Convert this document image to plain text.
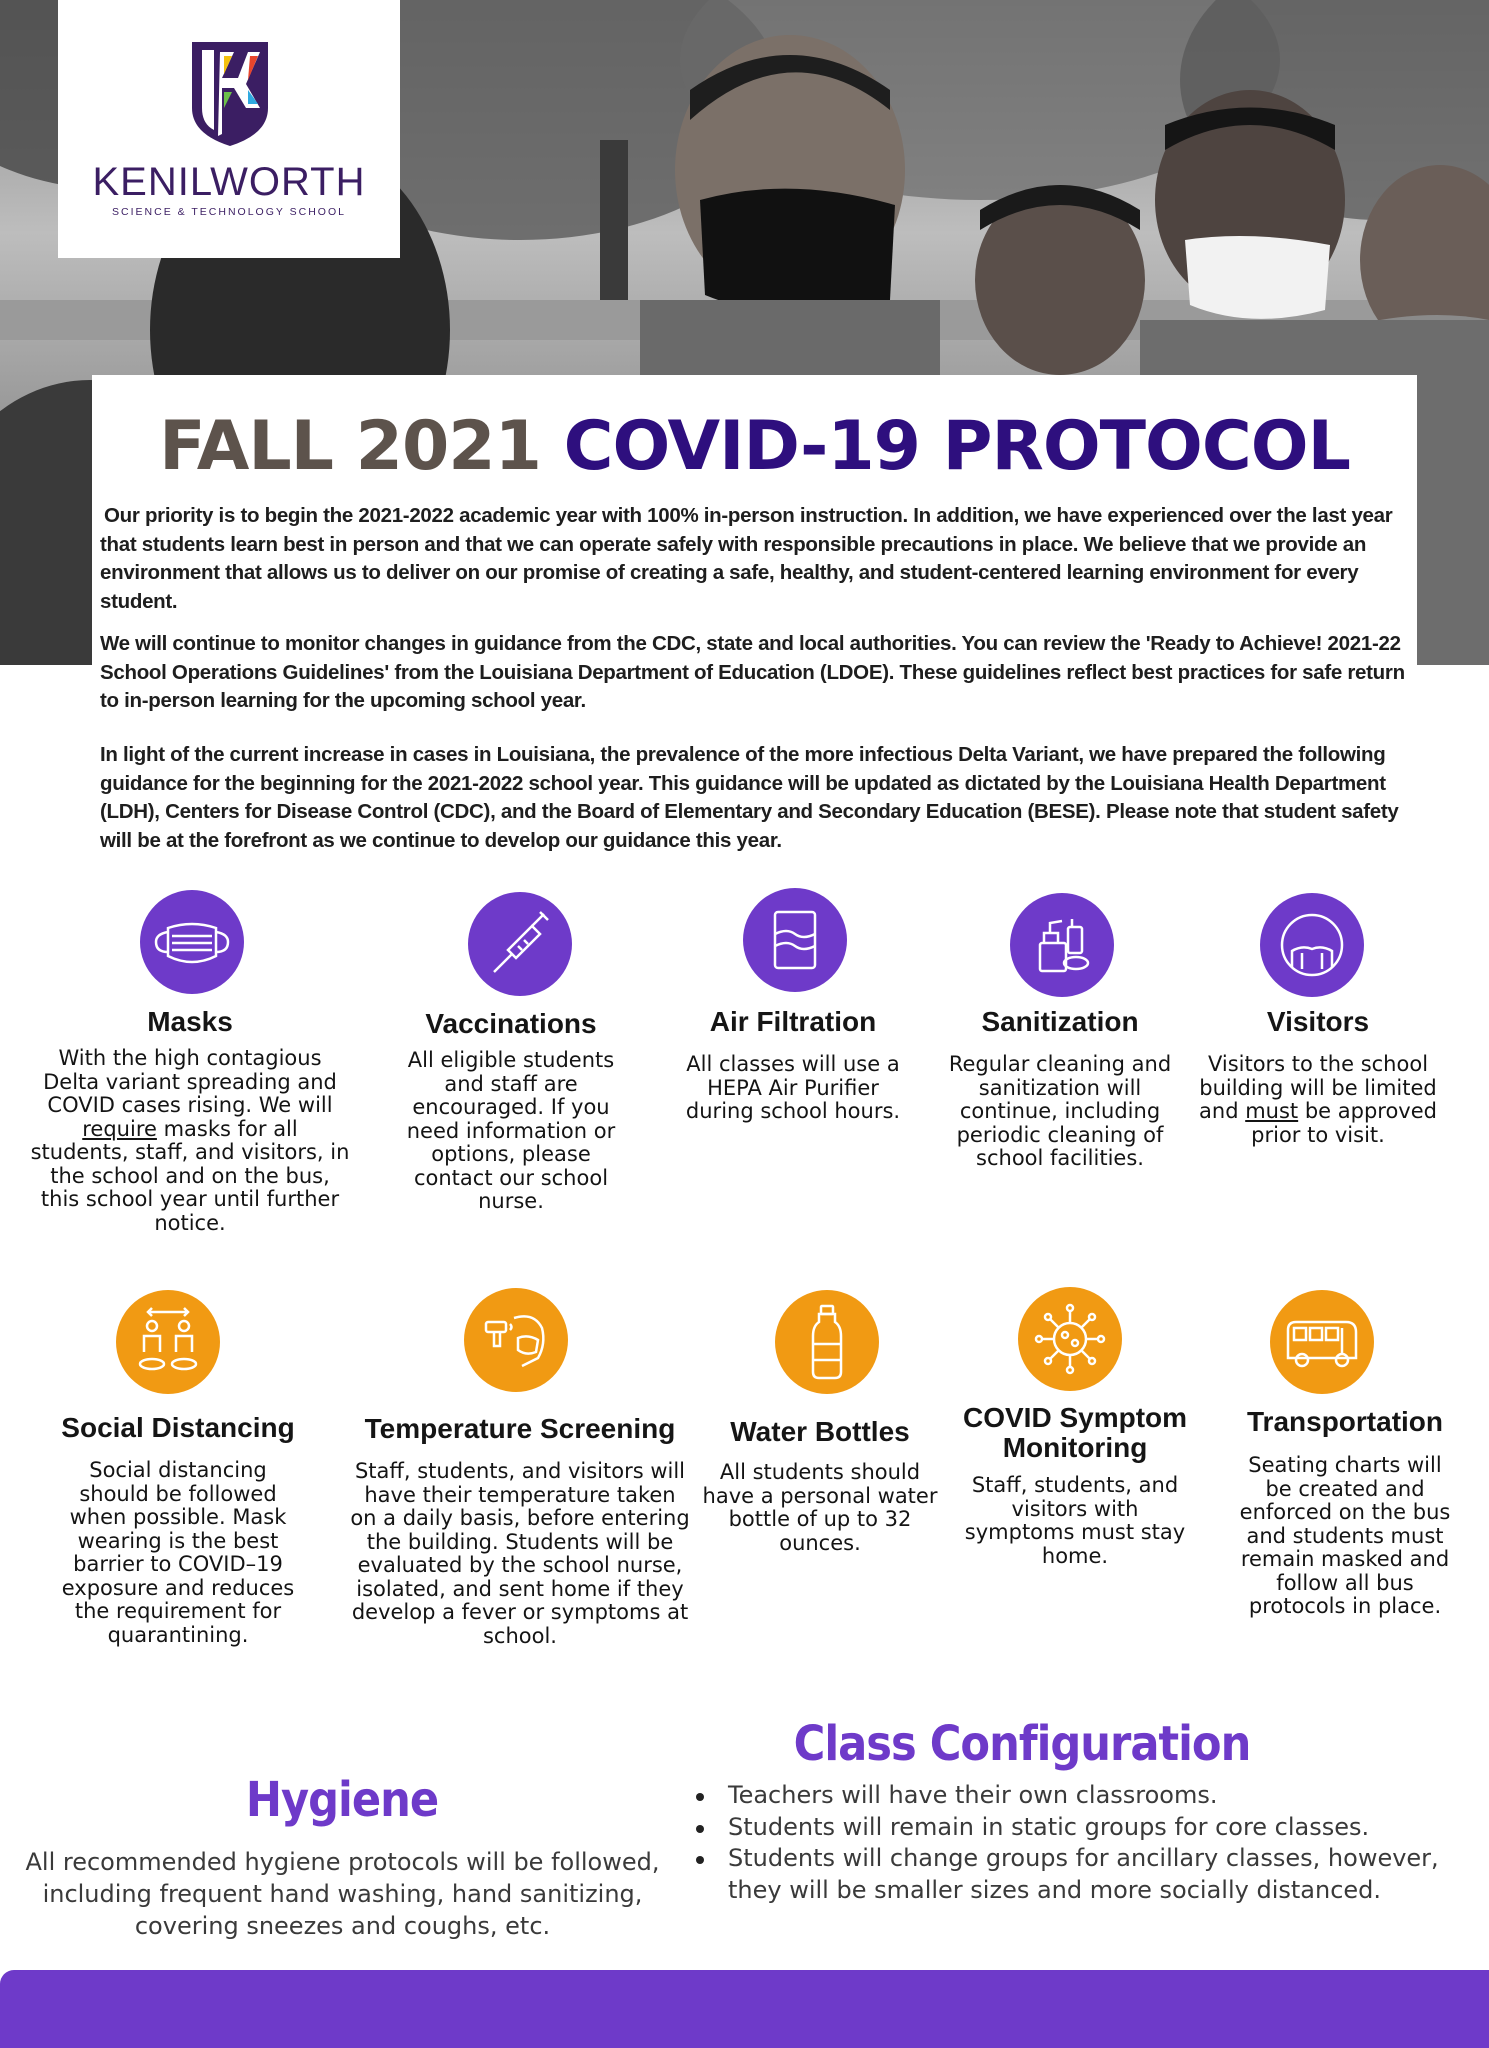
KENILWORTH
SCIENCE & TECHNOLOGY SCHOOL
FALL 2021 COVID-19 PROTOCOL

Our priority is to begin the 2021-2022 academic year with 100% in-person instruction. In addition, we have experienced over the last year that students learn best in person and that we can operate safely with responsible precautions in place. We believe that we provide an environment that allows us to deliver on our promise of creating a safe, healthy, and student-centered learning environment for every student.

We will continue to monitor changes in guidance from the CDC, state and local authorities. You can review the 'Ready to Achieve! 2021-22 School Operations Guidelines' from the Louisiana Department of Education (LDOE). These guidelines reflect best practices for safe return to in-person learning for the upcoming school year.

In light of the current increase in cases in Louisiana, the prevalence of the more infectious Delta Variant, we have prepared the following guidance for the beginning for the 2021-2022 school year. This guidance will be updated as dictated by the Louisiana Health Department (LDH), Centers for Disease Control (CDC), and the Board of Elementary and Secondary Education (BESE). Please note that student safety will be at the forefront as we continue to develop our guidance this year.

Masks
With the high contagious Delta variant spreading and COVID cases rising. We will require masks for all students, staff, and visitors, in the school and on the bus, this school year until further notice.
Vaccinations
All eligible students and staff are encouraged. If you need information or options, please contact our school nurse.
Air Filtration
All classes will use a HEPA Air Purifier during school hours.
Sanitization
Regular cleaning and sanitization will continue, including periodic cleaning of school facilities.
Visitors
Visitors to the school building will be limited and must be approved prior to visit.
Social Distancing
Social distancing should be followed when possible. Mask wearing is the best barrier to COVID–19 exposure and reduces the requirement for quarantining.
Temperature Screening
Staff, students, and visitors will have their temperature taken on a daily basis, before entering the building. Students will be evaluated by the school nurse, isolated, and sent home if they develop a fever or symptoms at school.
Water Bottles
All students should have a personal water bottle of up to 32 ounces.
COVID Symptom Monitoring
Staff, students, and visitors with symptoms must stay home.
Transportation
Seating charts will be created and enforced on the bus and students must remain masked and follow all bus protocols in place.
Hygiene
All recommended hygiene protocols will be followed, including frequent hand washing, hand sanitizing, covering sneezes and coughs, etc.
Class Configuration
Teachers will have their own classrooms.
Students will remain in static groups for core classes.
Students will change groups for ancillary classes, however, they will be smaller sizes and more socially distanced.
